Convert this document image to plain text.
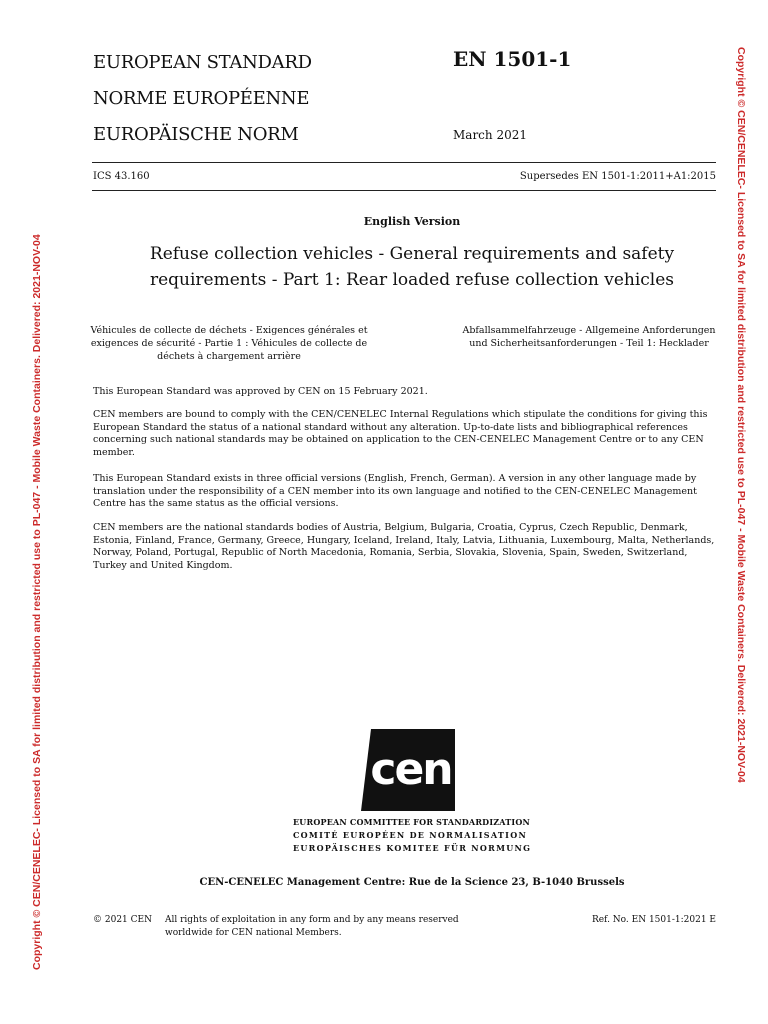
EUROPEAN STANDARD
NORME EUROPÉENNE
EUROPÄISCHE NORM
EN 1501-1
March 2021
ICS 43.160	Supersedes EN 1501-1:2011+A1:2015
English Version
Refuse collection vehicles - General requirements and safety requirements - Part 1: Rear loaded refuse collection vehicles
Véhicules de collecte de déchets - Exigences générales et exigences de sécurité - Partie 1 : Véhicules de collecte de déchets à chargement arrière
Abfallsammelfahrzeuge - Allgemeine Anforderungen und Sicherheitsanforderungen - Teil 1: Hecklader

This European Standard was approved by CEN on 15 February 2021.

CEN members are bound to comply with the CEN/CENELEC Internal Regulations which stipulate the conditions for giving this European Standard the status of a national standard without any alteration. Up-to-date lists and bibliographical references concerning such national standards may be obtained on application to the CEN-CENELEC Management Centre or to any CEN member.

This European Standard exists in three official versions (English, French, German). A version in any other language made by translation under the responsibility of a CEN member into its own language and notified to the CEN-CENELEC Management Centre has the same status as the official versions.

CEN members are the national standards bodies of Austria, Belgium, Bulgaria, Croatia, Cyprus, Czech Republic, Denmark, Estonia, Finland, France, Germany, Greece, Hungary, Iceland, Ireland, Italy, Latvia, Lithuania, Luxembourg, Malta, Netherlands, Norway, Poland, Portugal, Republic of North Macedonia, Romania, Serbia, Slovakia, Slovenia, Spain, Sweden, Switzerland, Turkey and United Kingdom.

cen
EUROPEAN COMMITTEE FOR STANDARDIZATION
COMITÉ EUROPÉEN DE NORMALISATION
EUROPÄISCHES KOMITEE FÜR NORMUNG
CEN-CENELEC Management Centre: Rue de la Science 23, B-1040 Brussels
© 2021 CEN All rights of exploitation in any form and by any means reserved
worldwide for CEN national Members.
Ref. No. EN 1501-1:2021 E
Copyright © CEN/CENELEC- Licensed to SA for limited distribution and restricted use to PL-047 - Mobile Waste Containers. Delivered: 2021-NOV-04	Copyright © CEN/CENELEC- Licensed to SA for limited distribution and restricted use to PL-047 - Mobile Waste Containers. Delivered: 2021-NOV-04
